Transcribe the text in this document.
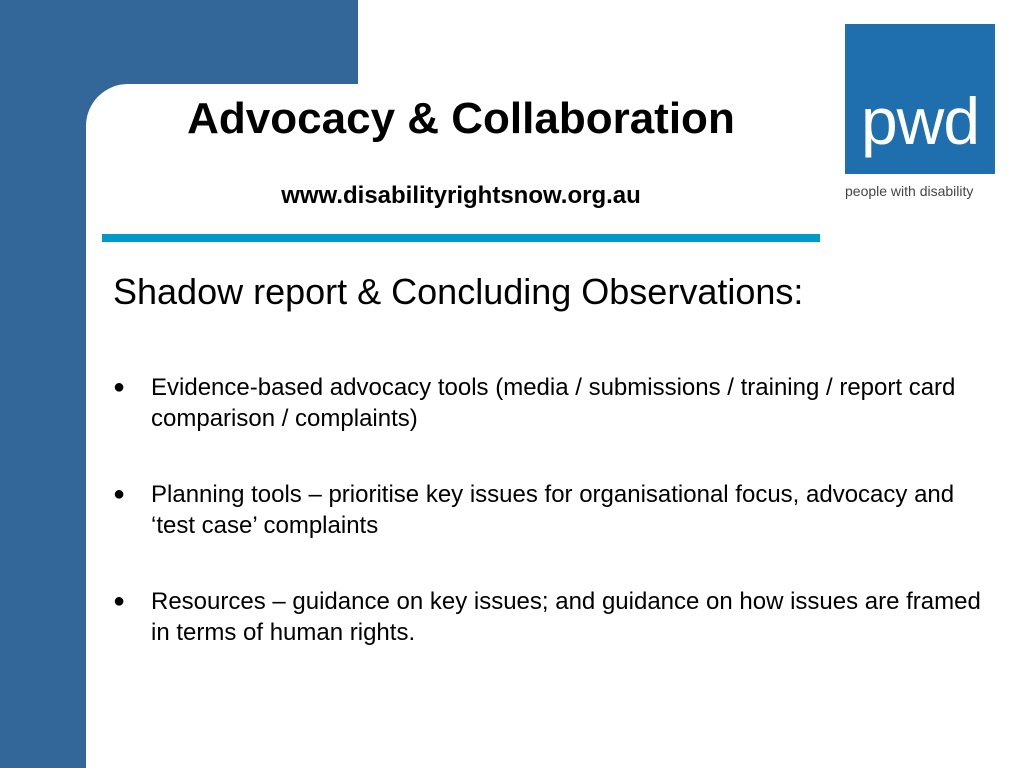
Advocacy & Collaboration
www.disabilityrightsnow.org.au
pwd
people with disability
Shadow report & Concluding Observations:
● Evidence-based advocacy tools (media / submissions / training / report card comparison / complaints)
● Planning tools – prioritise key issues for organisational focus, advocacy and ‘test case’ complaints
● Resources – guidance on key issues; and guidance on how issues are framed in terms of human rights.
